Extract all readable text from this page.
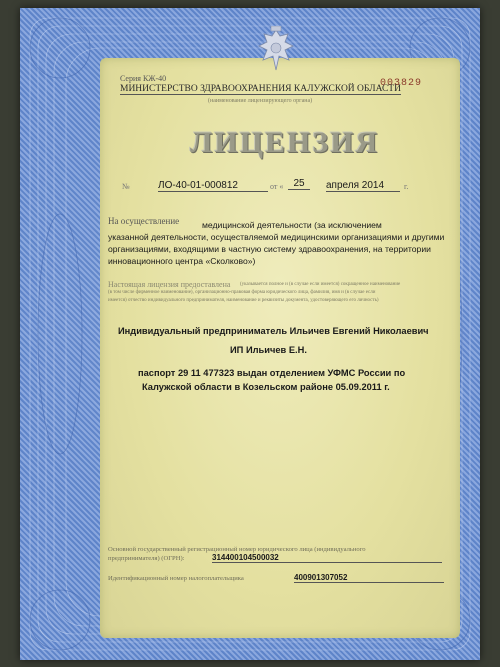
Серия КЖ-40	003829
МИНИСТЕРСТВО ЗДРАВООХРАНЕНИЯ КАЛУЖСКОЙ ОБЛАСТИ
(наименование лицензирующего органа)
ЛИЦЕНЗИЯ
№	ЛО-40-01-000812	от «	25	апреля 2014	г.
На осуществление	медицинской деятельности (за исключением
указанной деятельности, осуществляемой медицинскими организациями и другими
организациями, входящими в частную систему здравоохранения, на территории
инновационного центра «Сколково»)
Настоящая лицензия предоставлена (указывается полное и (в случае если имеется) сокращенное наименование
(в том числе фирменное наименование), организационно-правовая форма юридического лица, фамилия, имя и (в случае если
имеется) отчество индивидуального предпринимателя, наименование и реквизиты документа, удостоверяющего его личность)
Индивидуальный предприниматель Ильичев Евгений Николаевич
ИП Ильичев Е.Н.
паспорт 29 11 477323 выдан отделением УФМС России по
Калужской области в Козельском районе 05.09.2011 г.
Основной государственный регистрационный номер юридического лица (индивидуального
предпринимателя) (ОГРН):	314400104500032
Идентификационный номер налогоплательщика	400901307052
